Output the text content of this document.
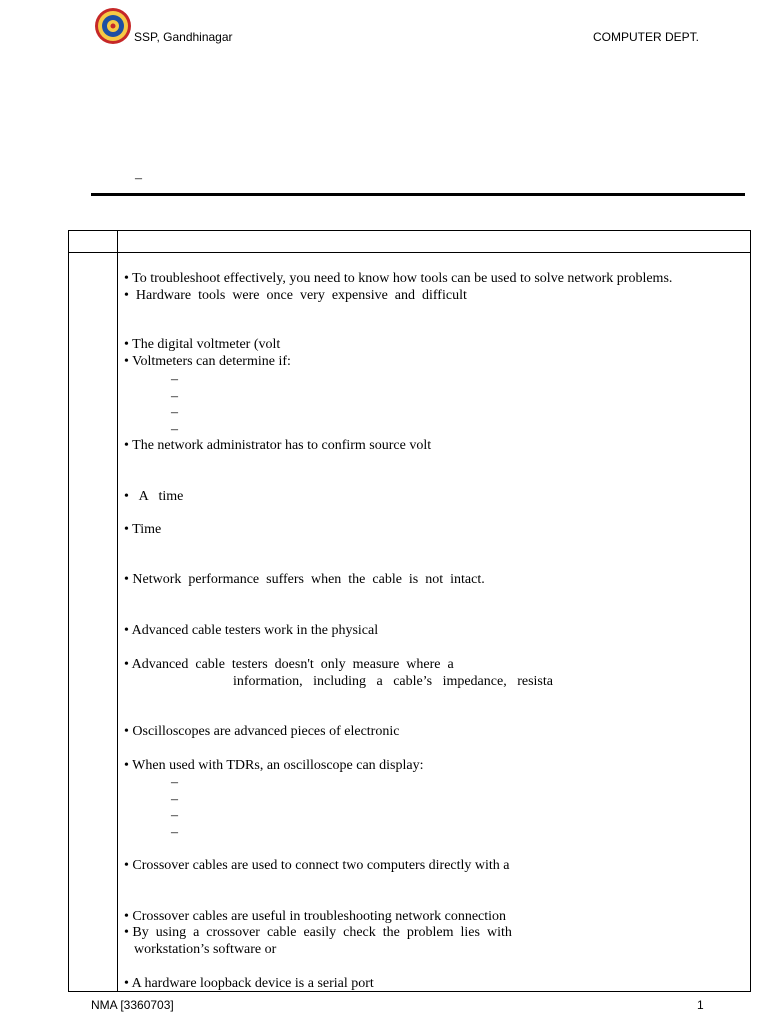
SSP, Gandhinagar	COMPUTER DEPT.
–
• To troubleshoot effectively, you need to know how tools can be used to solve network problems.
•  Hardware  tools  were  once  very  expensive  and  difficult
• The digital voltmeter (volt
• Voltmeters can determine if:
–
–
–
–
• The network administrator has to confirm source volt
•   A   time
• Time
• Network  performance  suffers  when  the  cable  is  not  intact.
• Advanced cable testers work in the physical
• Advanced  cable  testers  doesn't  only  measure  where  a
information,   including   a   cable’s   impedance,   resista
• Oscilloscopes are advanced pieces of electronic
• When used with TDRs, an oscilloscope can display:
–
–
–
–
• Crossover cables are used to connect two computers directly with a
• Crossover cables are useful in troubleshooting network connection
• By  using  a  crossover  cable  easily  check  the  problem  lies  with
workstation’s software or
• A hardware loopback device is a serial port
NMA [3360703]	1
